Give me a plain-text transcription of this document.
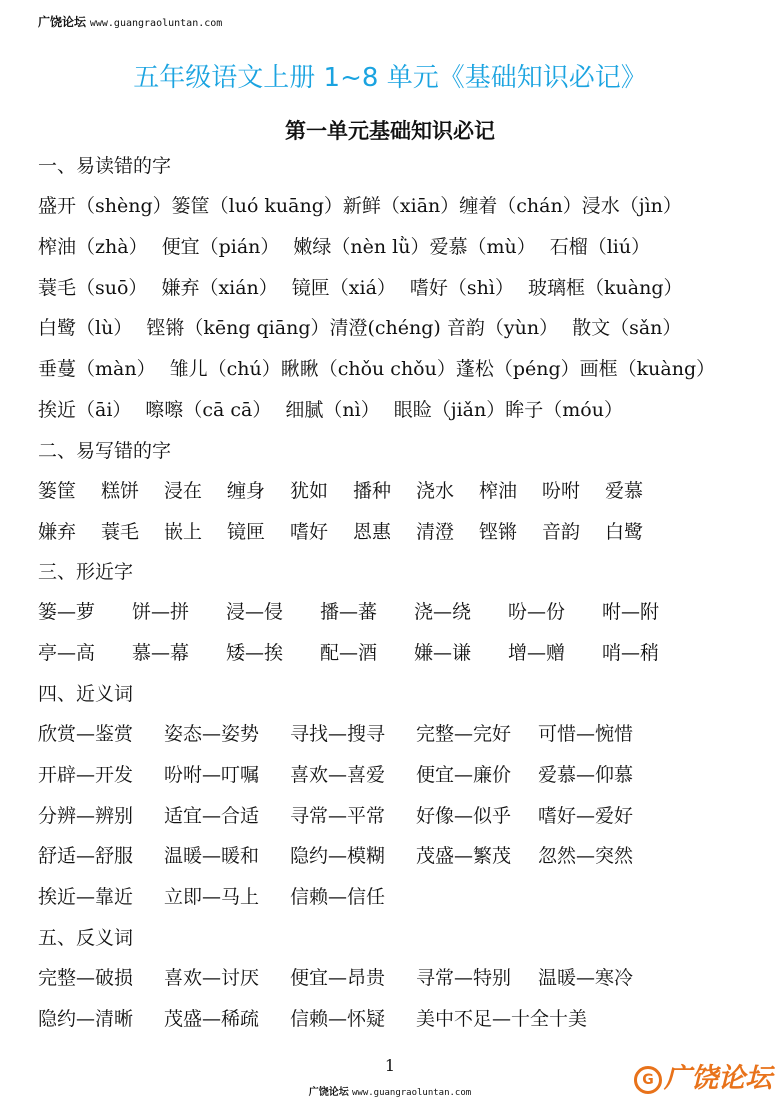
广饶论坛 www.guangraoluntan.com
五年级语文上册 1~8 单元《基础知识必记》
第一单元基础知识必记
一、易读错的字
盛开（shèng）篓筐（luó kuāng）新鲜（xiān）缠着（chán）浸水（jìn）
榨油（zhà） 便宜（pián） 嫩绿（nèn lǜ）爱慕（mù） 石榴（liú）
蓑毛（suō） 嫌弃（xián） 镜匣（xiá） 嗜好（shì） 玻璃框（kuàng）
白鹭（lù） 铿锵（kēng qiāng）清澄(chéng) 音韵（yùn） 散文（sǎn）
垂蔓（màn） 雏儿（chú）瞅瞅（chǒu chǒu）蓬松（péng）画框（kuàng）
挨近（āi） 嚓嚓（cā cā） 细腻（nì） 眼睑（jiǎn）眸子（móu）
二、易写错的字
篓筐 糕饼 浸在 缠身 犹如 播种 浇水 榨油 吩咐 爱慕
嫌弃 蓑毛 嵌上 镜匣 嗜好 恩惠 清澄 铿锵 音韵 白鹭
三、形近字
篓—萝 饼—拼 浸—侵 播—蕃 浇—绕 吩—份 咐—附
亭—高 慕—幕 矮—挨 配—酒 嫌—谦 增—赠 哨—稍
四、近义词
欣赏—鉴赏 姿态—姿势 寻找—搜寻 完整—完好 可惜—惋惜
开辟—开发 吩咐—叮嘱 喜欢—喜爱 便宜—廉价 爱慕—仰慕
分辨—辨别 适宜—合适 寻常—平常 好像—似乎 嗜好—爱好
舒适—舒服 温暖—暖和 隐约—模糊 茂盛—繁茂 忽然—突然
挨近—靠近 立即—马上 信赖—信任
五、反义词
完整—破损 喜欢—讨厌 便宜—昂贵 寻常—特别 温暖—寒冷
隐约—清晰 茂盛—稀疏 信赖—怀疑 美中不足—十全十美
1
广饶论坛 www.guangraoluntan.com
G 广饶论坛
